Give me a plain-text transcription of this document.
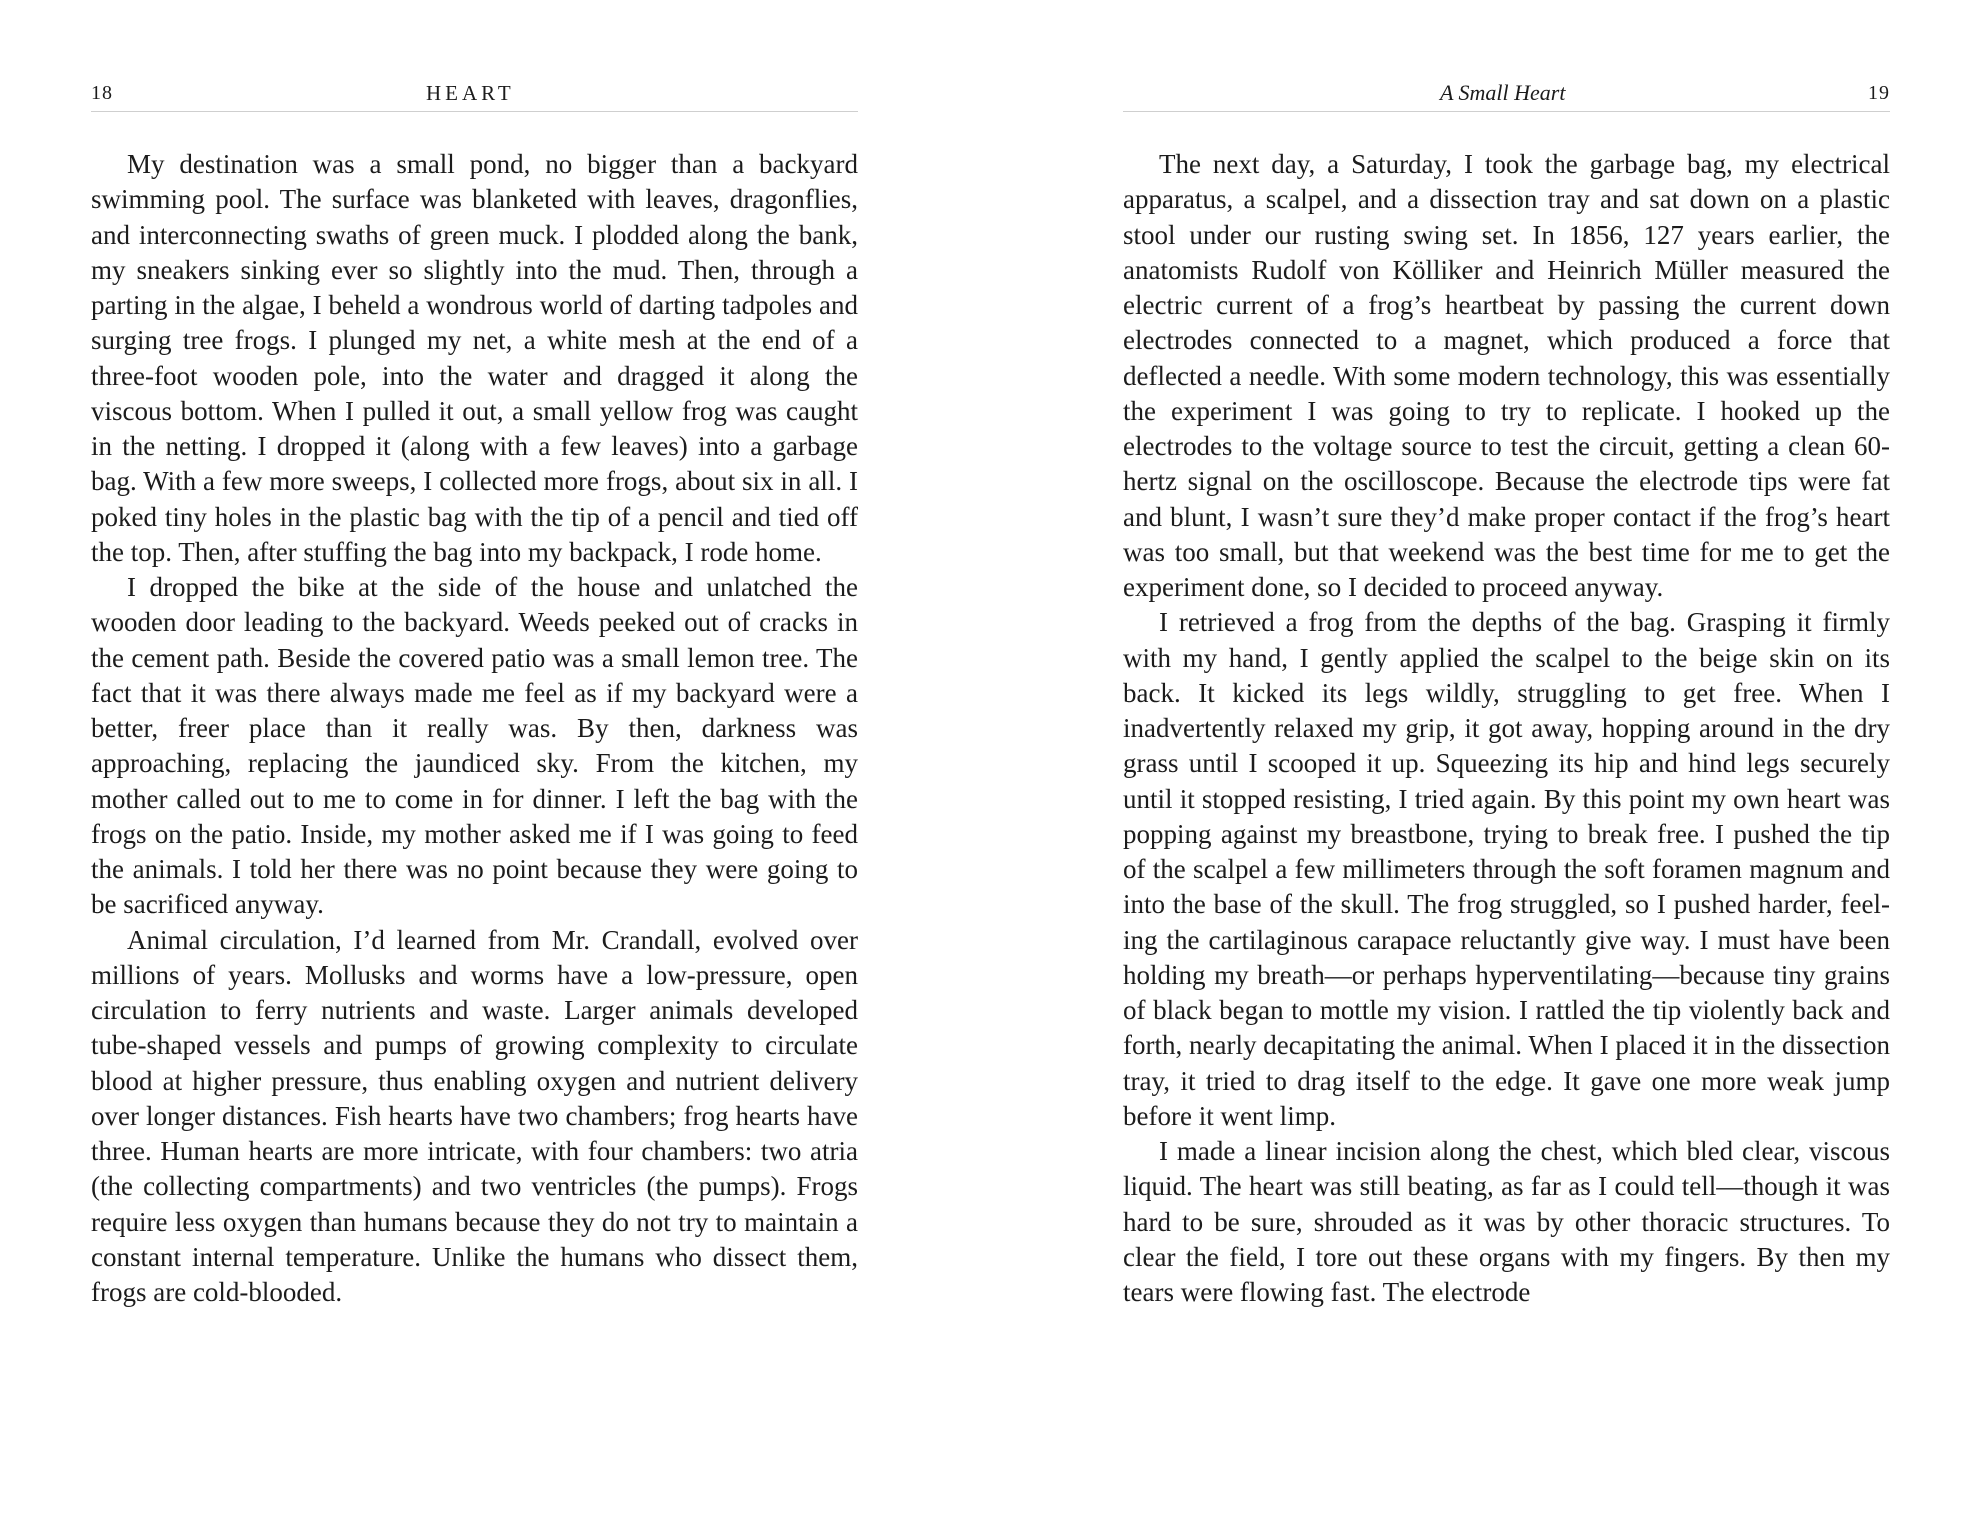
18	HEART

My destination was a small pond, no bigger than a backyard swimming pool. The surface was blanketed with leaves, dragonflies, and interconnecting swaths of green muck. I plodded along the bank, my sneakers sinking ever so slightly into the mud. Then, through a parting in the algae, I beheld a wondrous world of darting tadpoles and surging tree frogs. I plunged my net, a white mesh at the end of a three-foot wooden pole, into the water and dragged it along the viscous bottom. When I pulled it out, a small yellow frog was caught in the netting. I dropped it (along with a few leaves) into a garbage bag. With a few more sweeps, I collected more frogs, about six in all. I poked tiny holes in the plastic bag with the tip of a pencil and tied off the top. Then, after stuffing the bag into my backpack, I rode home.

I dropped the bike at the side of the house and unlatched the wooden door leading to the backyard. Weeds peeked out of cracks in the cement path. Beside the covered patio was a small lemon tree. The fact that it was there always made me feel as if my backyard were a better, freer place than it really was. By then, darkness was approaching, replacing the jaundiced sky. From the kitchen, my mother called out to me to come in for dinner. I left the bag with the frogs on the patio. Inside, my mother asked me if I was going to feed the animals. I told her there was no point because they were going to be sacrificed anyway.

Animal circulation, I’d learned from Mr. Crandall, evolved over millions of years. Mollusks and worms have a low-pressure, open circulation to ferry nutrients and waste. Larger animals developed tube-shaped vessels and pumps of growing complexity to circulate blood at higher pressure, thus enabling oxygen and nutrient delivery over longer distances. Fish hearts have two chambers; frog hearts have three. Human hearts are more intricate, with four chambers: two atria (the collecting compartments) and two ventricles (the pumps). Frogs require less oxygen than humans because they do not try to maintain a constant internal temperature. Unlike the humans who dissect them, frogs are cold-blooded.

A Small Heart	19

The next day, a Saturday, I took the garbage bag, my electrical apparatus, a scalpel, and a dissection tray and sat down on a plastic stool under our rusting swing set. In 1856, 127 years earlier, the anatomists Rudolf von Kölliker and Heinrich Müller measured the electric current of a frog’s heartbeat by passing the current down electrodes connected to a magnet, which produced a force that deflected a needle. With some modern technology, this was essentially the experiment I was going to try to replicate. I hooked up the electrodes to the voltage source to test the circuit, getting a clean 60-hertz signal on the oscilloscope. Because the electrode tips were fat and blunt, I wasn’t sure they’d make proper contact if the frog’s heart was too small, but that weekend was the best time for me to get the experiment done, so I decided to proceed anyway.

I retrieved a frog from the depths of the bag. Grasping it firmly with my hand, I gently applied the scalpel to the beige skin on its back. It kicked its legs wildly, struggling to get free. When I inadvertently relaxed my grip, it got away, hopping around in the dry grass until I scooped it up. Squeezing its hip and hind legs securely until it stopped resisting, I tried again. By this point my own heart was popping against my breastbone, trying to break free. I pushed the tip of the scalpel a few millimeters through the soft foramen magnum and into the base of the skull. The frog struggled, so I pushed harder, feeling the cartilaginous carapace reluctantly give way. I must have been holding my breath—or perhaps hyperventilating—because tiny grains of black began to mottle my vision. I rattled the tip violently back and forth, nearly decapitating the animal. When I placed it in the dissection tray, it tried to drag itself to the edge. It gave one more weak jump before it went limp.

I made a linear incision along the chest, which bled clear, viscous liquid. The heart was still beating, as far as I could tell—though it was hard to be sure, shrouded as it was by other thoracic structures. To clear the field, I tore out these organs with my fingers. By then my tears were flowing fast. The electrode
